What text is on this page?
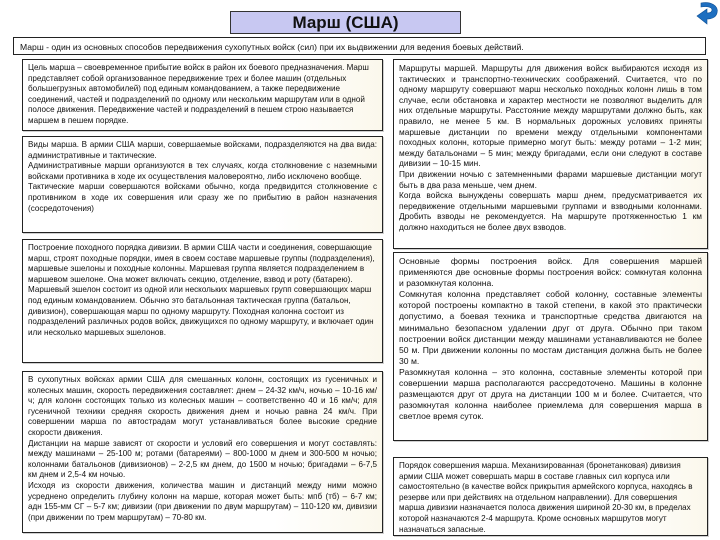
Марш (США)
Марш - один из основных способов передвижения сухопутных войск (сил) при их выдвижении для ведения боевых действий.

Цель марша – своевременное прибытие войск в район их боевого предназначения. Марш представляет собой организованное передвижение трех и более машин (отдельных большегрузных автомобилей) под единым командованием, а также передвижение соединений, частей и подразделений по одному или нескольким маршрутам или в одной полосе движения. Передвижение частей и подразделений в пешем строю называется маршем в пешем порядке.

Виды марша. В армии США марши, совершаемые войсками, подразделяются на два вида: административные и тактические.

Административные марши организуются в тех случаях, когда столкновение с наземными войсками противника в ходе их осуществления маловероятно, либо исключено вообще.

Тактические марши совершаются войсками обычно, когда предвидится столкновение с противником в ходе их совершения или сразу же по прибытию в район назначения (сосредоточения)

Построение походного порядка дивизии. В армии США части и соединения, совершающие марш, строят походные порядки, имея в своем составе маршевые группы (подразделения), маршевые эшелоны и походные колонны. Маршевая группа является подразделением в маршевом эшелоне. Она может включать секцию, отделение, взвод и роту (батарею).

Маршевый эшелон состоит из одной или нескольких маршевых групп совершающих марш под единым командованием. Обычно это батальонная тактическая группа (батальон, дивизион), совершающая марш по одному маршруту. Походная колонна состоит из подразделений различных родов войск, движущихся по одному маршруту, и включает один или несколько маршевых эшелонов.

В сухопутных войсках армии США для смешанных колонн, состоящих из гусеничных и колесных машин, скорость передвижения составляет: днем – 24-32 км/ч, ночью – 10-16 км/ч; для колонн состоящих только из колесных машин – соответственно 40 и 16 км/ч; для гусеничной техники средняя скорость движения днем и ночью равна 24 км/ч. При совершении марша по автострадам могут устанавливаться более высокие средние скорости движения.

Дистанции на марше зависят от скорости и условий его совершения и могут составлять: между машинами – 25-100 м; ротами (батареями) – 800-1000 м днем и 300-500 м ночью; колоннами батальонов (дивизионов) – 2-2,5 км днем, до 1500 м ночью; бригадами – 6-7,5 км днем и 2,5-4 км ночью.

Исходя из скорости движения, количества машин и дистанций между ними можно усреднено определить глубину колонн на марше, которая может быть: мпб (тб) – 6-7 км; адн 155-мм СГ – 5-7 км; дивизии (при движении по двум маршрутам) – 110-120 км, дивизии (при движении по трем маршрутам) – 70-80 км.

Маршруты маршей. Маршруты для движения войск выбираются исходя из тактических и транспортно-технических соображений. Считается, что по одному маршруту совершают марш несколько походных колонн лишь в том случае, если обстановка и характер местности не позволяют выделить для них отдельные маршруты. Расстояние между маршрутами должно быть, как правило, не менее 5 км. В нормальных дорожных условиях приняты маршевые дистанции по времени между отдельными компонентами походных колонн, которые примерно могут быть: между ротами – 1-2 мин; между батальонами – 5 мин; между бригадами, если они следуют в составе дивизии – 10-15 мин.

При движении ночью с затемненными фарами маршевые дистанции могут быть в два раза меньше, чем днем.

Когда войска вынуждены совершать марш днем, предусматривается их передвижение отдельными маршевыми группами и взводными колоннами. Дробить взводы не рекомендуется. На маршруте протяженностью 1 км должно находиться не более двух взводов.

Основные формы построения войск. Для совершения маршей применяются две основные формы построения войск: сомкнутая колонна и разомкнутая колонна.

Сомкнутая колонна представляет собой колонну, составные элементы которой построены компактно в такой степени, в какой это практически допустимо, а боевая техника и транспортные средства двигаются на минимально безопасном удалении друг от друга. Обычно при таком построении войск дистанции между машинами устанавливаются не более 50 м. При движении колонны по мостам дистанция должна быть не более 30 м.

Разомкнутая колонна – это колонна, составные элементы которой при совершении марша располагаются рассредоточено. Машины в колонне размещаются друг от друга на дистанции 100 м и более. Считается, что разомкнутая колонна наиболее приемлема для совершения марша в светлое время суток.

Порядок совершения марша. Механизированная (бронетанковая) дивизия армии США может совершать марш в составе главных сил корпуса или самостоятельно (в качестве войск прикрытия армейского корпуса, находясь в резерве или при действиях на отдельном направлении). Для совершения марша дивизии назначается полоса движения шириной 20-30 км, в пределах которой назначаются 2-4 маршрута. Кроме основных маршрутов могут назначаться запасные.
